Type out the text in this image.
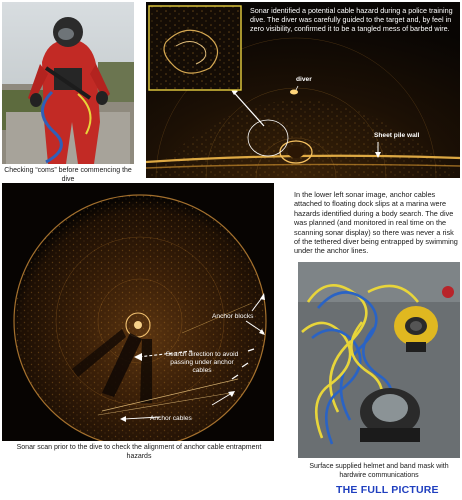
Checking “coms” before commencing the dive
Sonar identified a potential cable hazard during a police training dive. The diver was carefully guided to the target and, by feel in zero visibility, confirmed it to be a tangled mess of barbed wire.
diver
Sheet pile wall
In the lower left sonar image, anchor cables attached to floating dock slips at a marina were hazards identified during a body search. The dive was planned (and monitored in real time on the scanning sonar display) so there was never a risk of the tethered diver being entrapped by swimming under the anchor lines.
Anchor blocks
Search direction to avoid passing under anchor cables
Anchor cables
Sonar scan prior to the dive to check the alignment of anchor cable entrapment hazards
Surface supplied helmet and band mask with hardwire communications
THE FULL PICTURE
